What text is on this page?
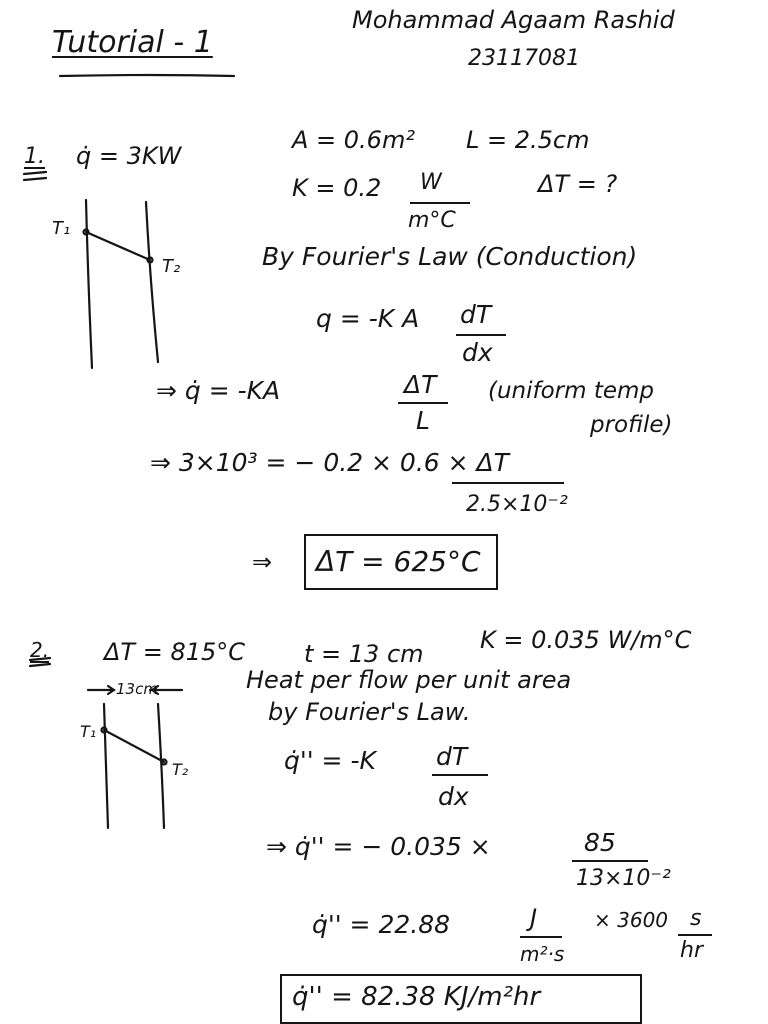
Tutorial - 1
Mohammad Agaam Rashid
23117081
1. q̇ = 3KW
A = 0.6m² L = 2.5cm
K = 0.2 W
m°C
ΔT = ?
T₁
T₂	By Fourier's Law (Conduction)
q = -K A dT
dx
⇒ q̇ = -KA	ΔT
L
(uniform temp
profile)
⇒ 3×10³ = − 0.2 × 0.6 × ΔT
2.5×10⁻²
⇒ ΔT = 625°C
2. ΔT = 815°C t = 13 cm K = 0.035 W/m°C
Heat per flow per unit area
by Fourier's Law.
13cm
T₁
T₂	q̇'' = -K dT
dx
⇒ q̇'' = − 0.035 ×	85
13×10⁻²
q̇'' = 22.88	J
m²·s
× 3600 s
hr
q̇'' = 82.38 KJ/m²hr
